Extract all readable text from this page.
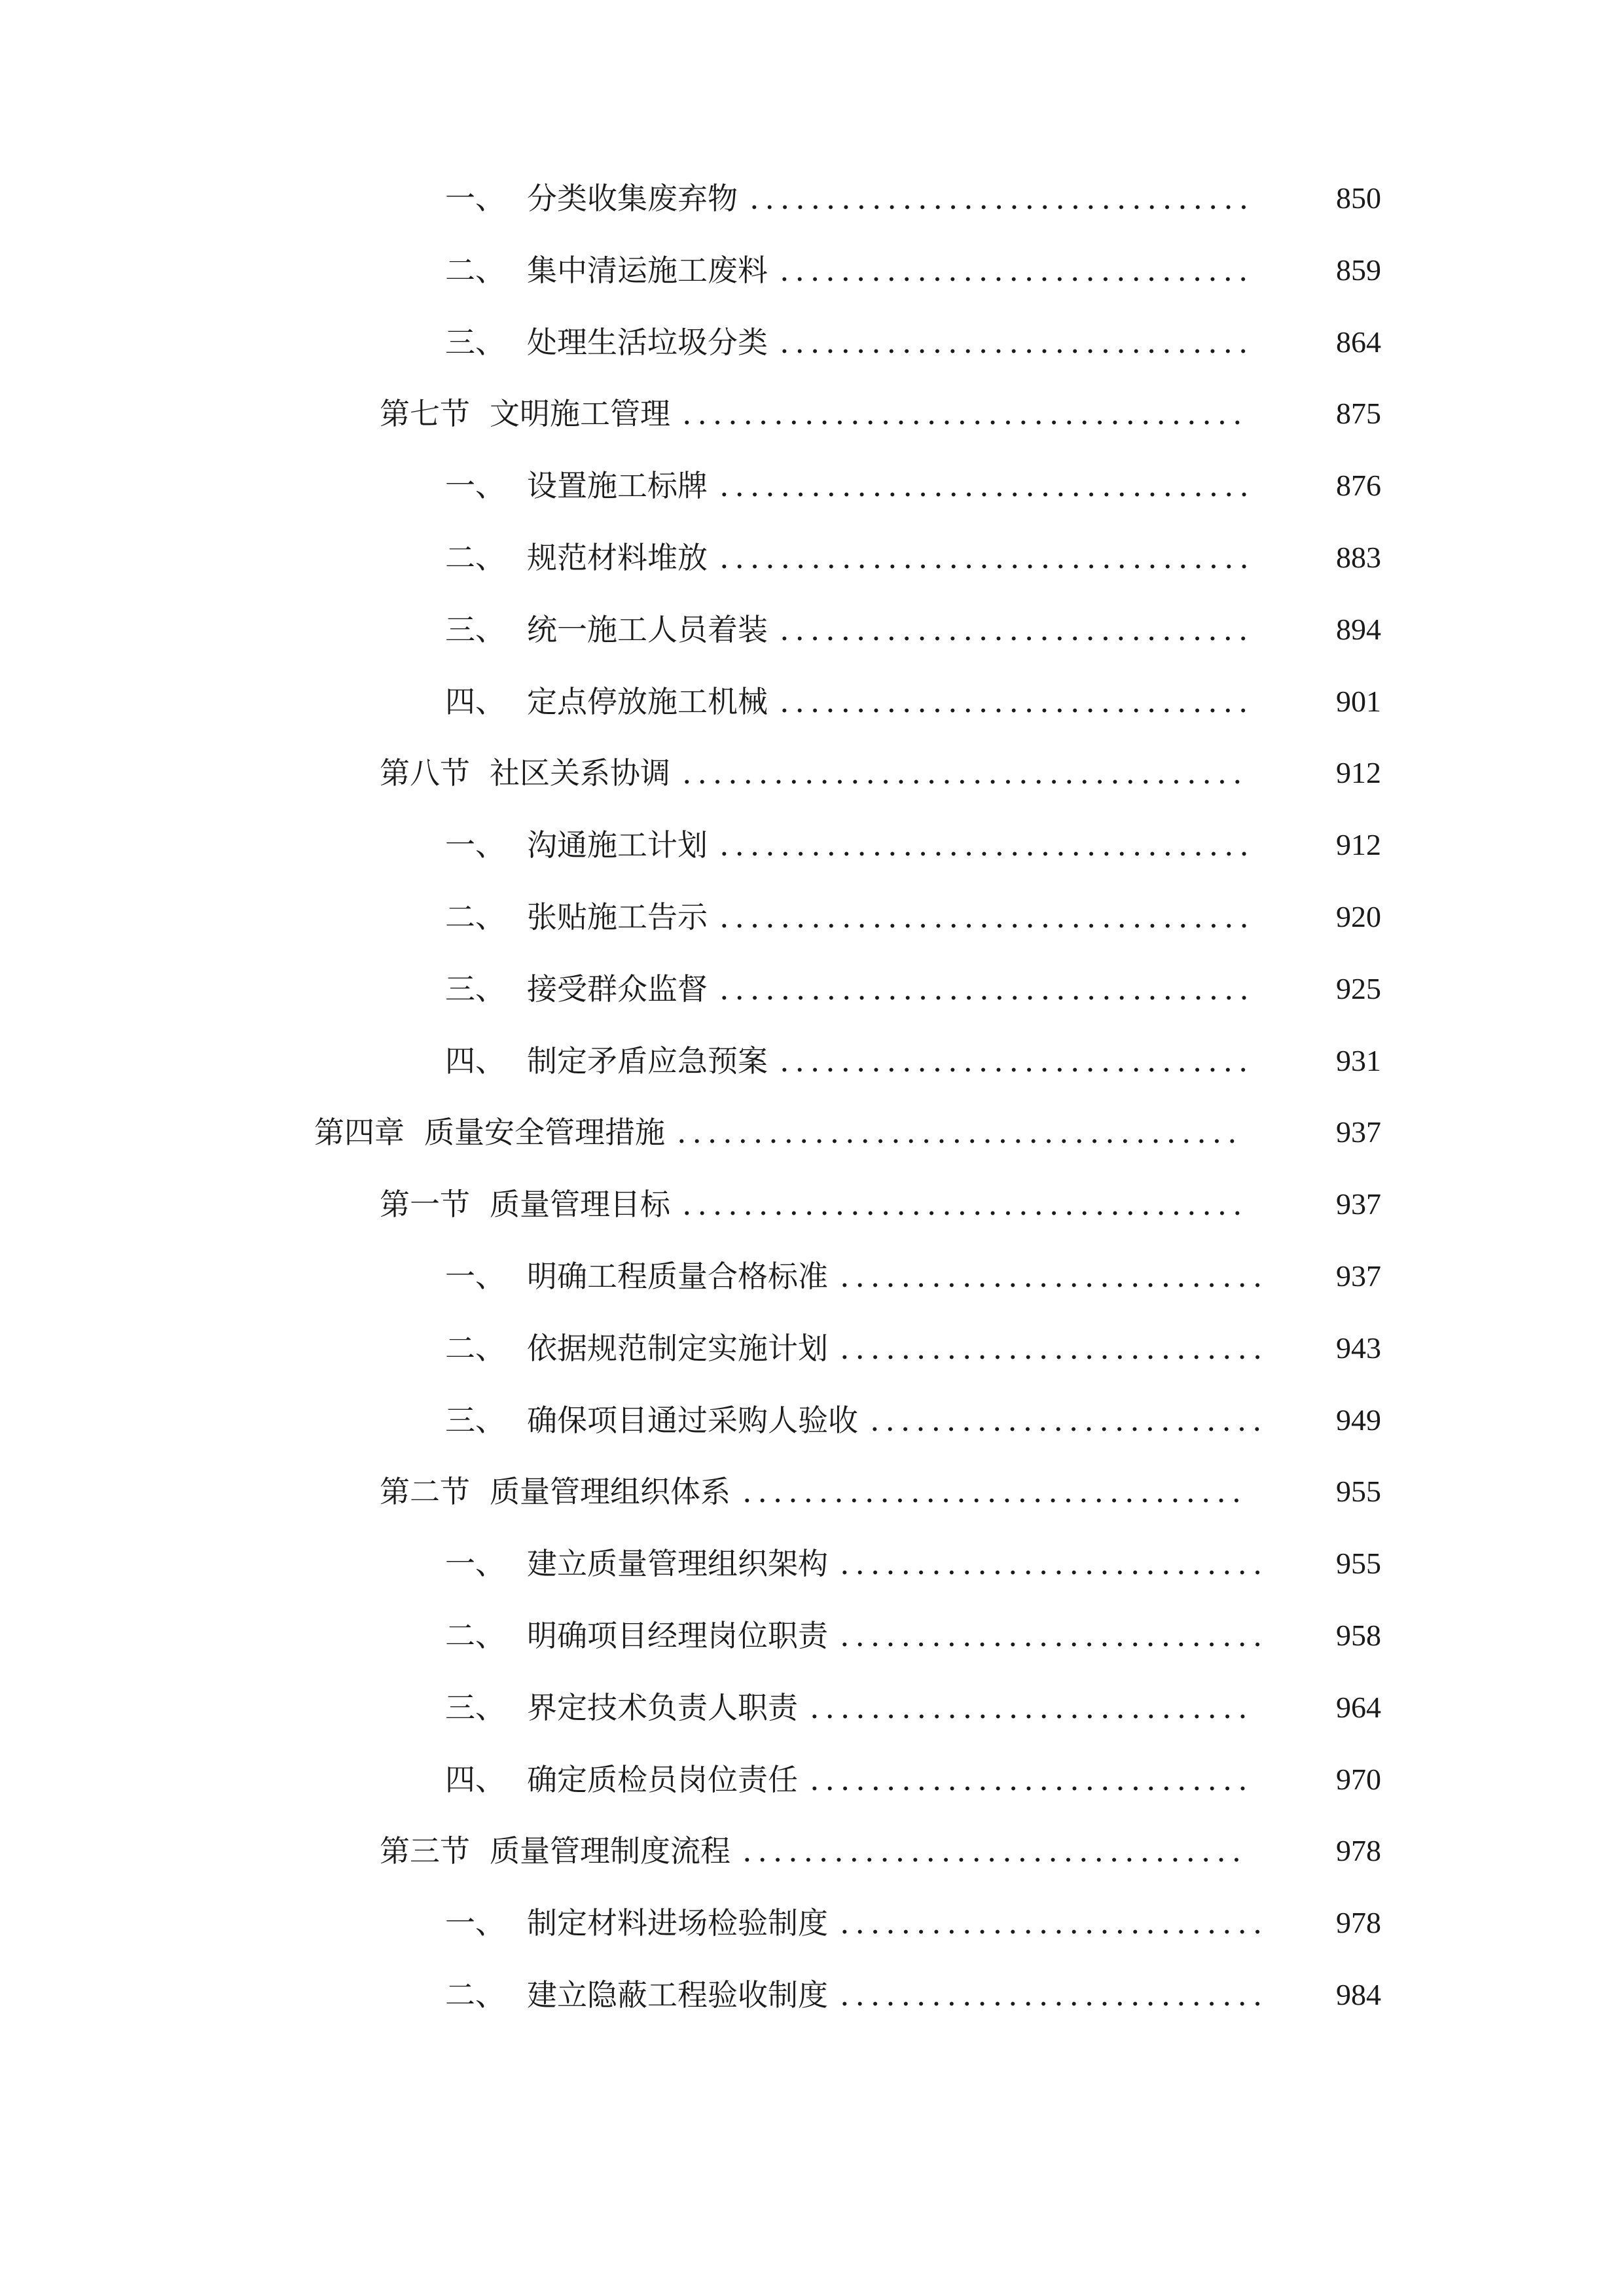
一、 分类收集废弃物 .................................	850
二、 集中清运施工废料 ...............................	859
三、 处理生活垃圾分类 ...............................	864
第七节 文明施工管理 .....................................	875
一、 设置施工标牌 ...................................	876
二、 规范材料堆放 ...................................	883
三、 统一施工人员着装 ...............................	894
四、 定点停放施工机械 ...............................	901
第八节 社区关系协调 .....................................	912
一、 沟通施工计划 ...................................	912
二、 张贴施工告示 ...................................	920
三、 接受群众监督 ...................................	925
四、 制定矛盾应急预案 ...............................	931
第四章 质量安全管理措施 .....................................	937
第一节 质量管理目标 .....................................	937
一、 明确工程质量合格标准 ............................	937
二、 依据规范制定实施计划 ............................	943
三、 确保项目通过采购人验收 ..........................	949
第二节 质量管理组织体系 .................................	955
一、 建立质量管理组织架构 ............................	955
二、 明确项目经理岗位职责 ............................	958
三、 界定技术负责人职责 .............................	964
四、 确定质检员岗位责任 .............................	970
第三节 质量管理制度流程 .................................	978
一、 制定材料进场检验制度 ............................	978
二、 建立隐蔽工程验收制度 ............................	984
